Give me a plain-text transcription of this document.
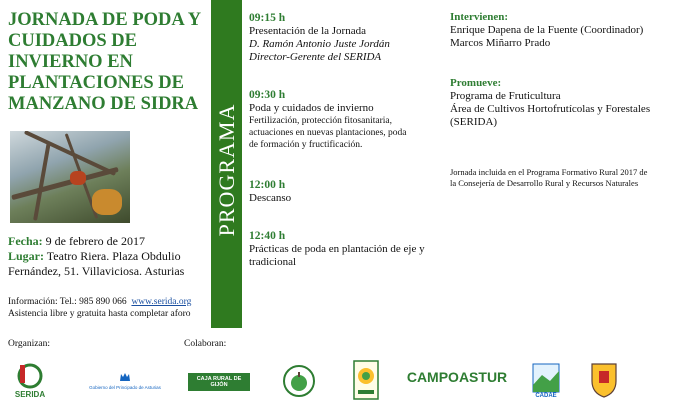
JORNADA DE PODA Y
CUIDADOS DE
INVIERNO EN
PLANTACIONES DE
MANZANO DE SIDRA
Fecha: 9 de febrero de 2017
Lugar: Teatro Riera. Plaza Obdulio
Fernández, 51. Villaviciosa. Asturias
Información: Tel.: 985 890 066 www.serida.org
Asistencia libre y gratuita hasta completar aforo
PROGRAMA
09:15 h
Presentación de la Jornada
D. Ramón Antonio Juste Jordán
Director-Gerente del SERIDA
09:30 h
Poda y cuidados de invierno
Fertilización, protección fitosanitaria,
actuaciones en nuevas plantaciones, poda
de formación y fructificación.
12:00 h
Descanso
12:40 h
Prácticas de poda en plantación de eje y
tradicional
Intervienen:
Enrique Dapena de la Fuente (Coordinador)
Marcos Miñarro Prado
Promueve:
Programa de Fruticultura
Área de Cultivos Hortofrutícolas y Forestales
(SERIDA)
Jornada incluida en el Programa Formativo Rural 2017 de
la Consejería de Desarrollo Rural y Recursos Naturales
Organizan:	Colaboran:
SERIDA
Gobierno del Principado de Asturias
CAJA RURAL DE GIJÓN	CAMPOASTUR
CADAE
